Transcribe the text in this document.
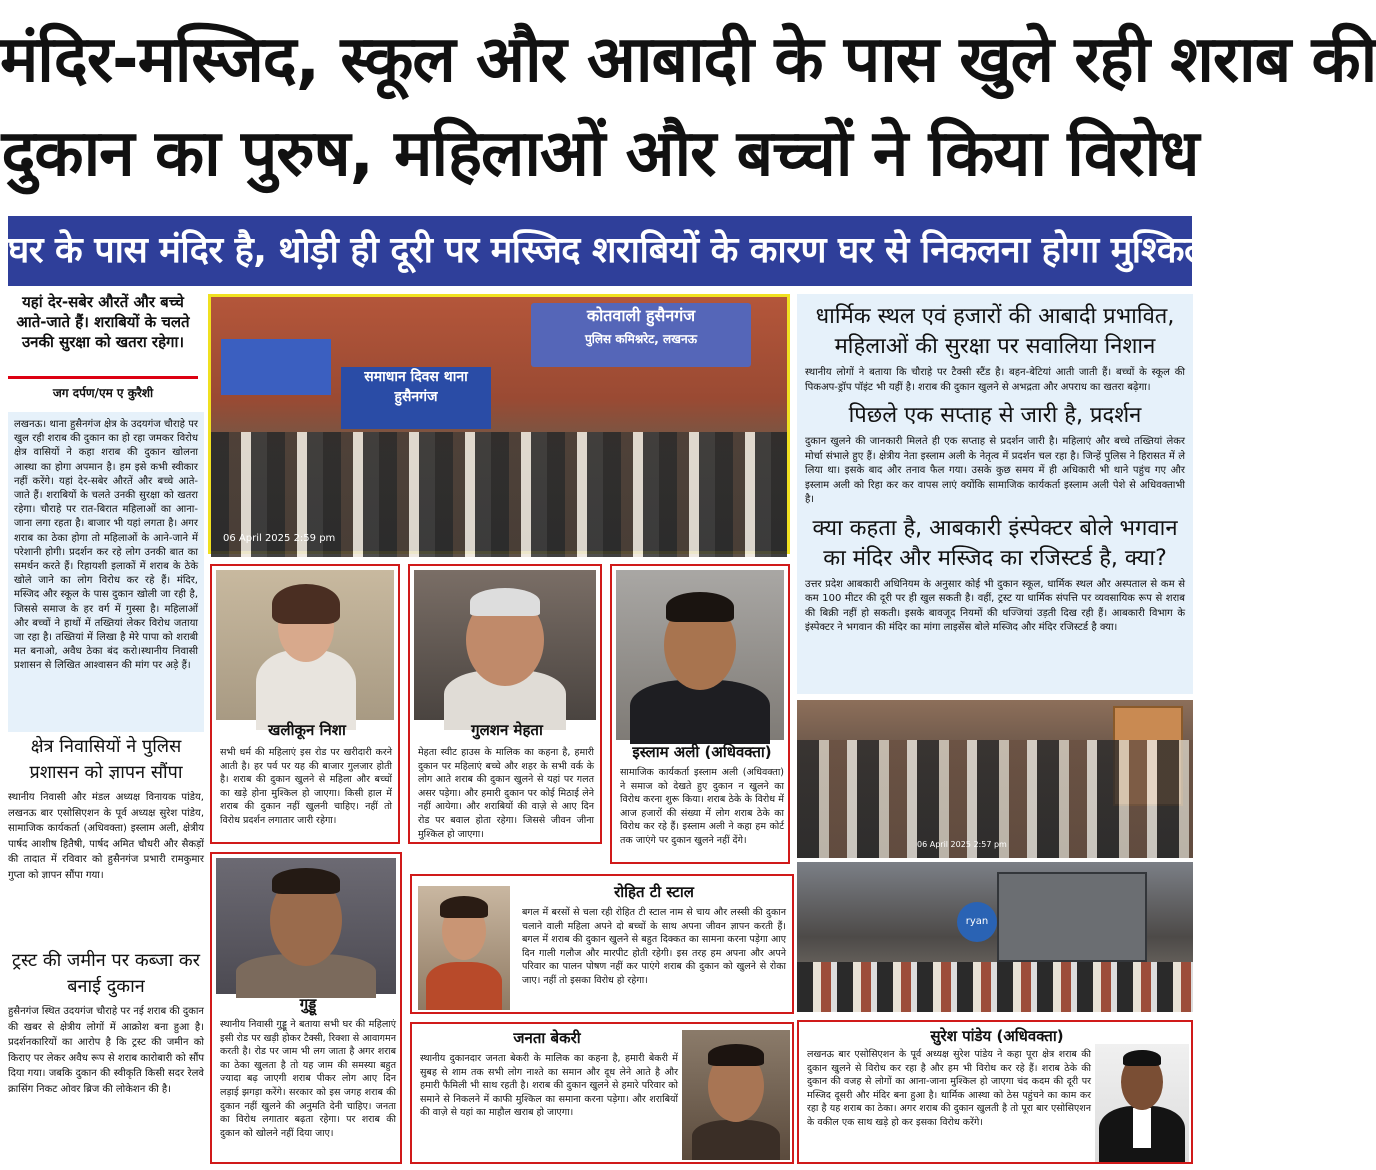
मंदिर-मस्जिद, स्कूल और आबादी के पास खुले रही शराब की
दुकान का पुरुष, महिलाओं और बच्चों ने किया विरोध
घर के पास मंदिर है, थोड़ी ही दूरी पर मस्जिद शराबियों के कारण घर से निकलना होगा मुश्किल
यहां देर-सबेर औरतें और बच्चे आते-जाते हैं। शराबियों के चलते उनकी सुरक्षा को खतरा रहेगा।
जग दर्पण/एम ए कुरैशी
लखनऊ। थाना हुसैनगंज क्षेत्र के उदयगंज चौराहे पर खुल रही शराब की दुकान का हो रहा जमकर विरोध क्षेत्र वासियों ने कहा शराब की दुकान खोलना आस्था का होगा अपमान है। हम इसे कभी स्वीकार नहीं करेंगे। यहां देर-सबेर औरतें और बच्चे आते-जाते हैं। शराबियों के चलते उनकी सुरक्षा को खतरा रहेगा। चौराहे पर रात-बिरात महिलाओं का आना-जाना लगा रहता है। बाजार भी यहां लगता है। अगर शराब का ठेका होगा तो महिलाओं के आने-जाने में परेशानी होगी। प्रदर्शन कर रहे लोग उनकी बात का समर्थन करते हैं। रिहायशी इलाकों में शराब के ठेके खोले जाने का लोग विरोध कर रहे हैं। मंदिर, मस्जिद और स्कूल के पास दुकान खोली जा रही है, जिससे समाज के हर वर्ग में गुस्सा है। महिलाओं और बच्चों ने हाथों में तख्तियां लेकर विरोध जताया जा रहा है। तख्तियां में लिखा है मेरे पापा को शराबी मत बनाओ, अवैध ठेका बंद करो।स्थानीय निवासी प्रशासन से लिखित आश्वासन की मांग पर अड़े हैं।
क्षेत्र निवासियों ने पुलिस प्रशासन को ज्ञापन सौंपा
स्थानीय निवासी और मंडल अध्यक्ष विनायक पांडेय, लखनऊ बार एसोसिएशन के पूर्व अध्यक्ष सुरेश पांडेय, सामाजिक कार्यकर्ता (अधिवक्ता) इस्लाम अली, क्षेत्रीय पार्षद आशीष हितैषी, पार्षद अमित चौधरी और सैकड़ों की तादात में रविवार को हुसैनगंज प्रभारी रामकुमार गुप्ता को ज्ञापन सौंपा गया।
ट्रस्ट की जमीन पर कब्जा कर बनाई दुकान
हुसैनगंज स्थित उदयगंज चौराहे पर नई शराब की दुकान की खबर से क्षेत्रीय लोगों में आक्रोश बना हुआ है। प्रदर्शनकारियों का आरोप है कि ट्रस्ट की जमीन को किराए पर लेकर अवैध रूप से शराब कारोबारी को सौंप दिया गया। जबकि दुकान की स्वीकृति किसी सदर रेलवे क्रासिंग निकट ओवर ब्रिज की लोकेशन की है।
कोतवाली हुसैनगंज
पुलिस कमिश्नरेट, लखनऊ
समाधान दिवस थाना हुसैनगंज
06 April 2025 2:59 pm
धार्मिक स्थल एवं हजारों की आबादी प्रभावित, महिलाओं की सुरक्षा पर सवालिया निशान

स्थानीय लोगों ने बताया कि चौराहे पर टैक्सी स्टैंड है। बहन-बेटियां आती जाती हैं। बच्चों के स्कूल की पिकअप-ड्रॉप पॉइंट भी यहीं है। शराब की दुकान खुलने से अभद्रता और अपराध का खतरा बढ़ेगा।

पिछले एक सप्ताह से जारी है, प्रदर्शन

दुकान खुलने की जानकारी मिलते ही एक सप्ताह से प्रदर्शन जारी है। महिलाएं और बच्चे तख्तियां लेकर मोर्चा संभाले हुए हैं। क्षेत्रीय नेता इस्लाम अली के नेतृत्व में प्रदर्शन चल रहा है। जिन्हें पुलिस ने हिरासत में ले लिया था। इसके बाद और तनाव फैल गया। उसके कुछ समय में ही अधिकारी भी थाने पहुंच गए और इस्लाम अली को रिहा कर कर वापस लाएं क्योंकि सामाजिक कार्यकर्ता इस्लाम अली पेशे से अधिवक्ताभी है।

क्या कहता है, आबकारी इंस्पेक्टर बोले भगवान का मंदिर और मस्जिद का रजिस्टर्ड है, क्या?

उत्तर प्रदेश आबकारी अधिनियम के अनुसार कोई भी दुकान स्कूल, धार्मिक स्थल और अस्पताल से कम से कम 100 मीटर की दूरी पर ही खुल सकती है। वहीं, ट्रस्ट या धार्मिक संपत्ति पर व्यवसायिक रूप से शराब की बिक्री नहीं हो सकती। इसके बावजूद नियमों की धज्जियां उड़ती दिख रही हैं। आबकारी विभाग के इंस्पेक्टर ने भगवान की मंदिर का मांगा लाइसेंस बोले मस्जिद और मंदिर रजिस्टर्ड है क्या।

06 April 2025 2:57 pm
ryan
खलीकून निशा
सभी धर्म की महिलाएं इस रोड पर खरीदारी करने आती है। हर पर्व पर यह की बाजार गुलजार होती है। शराब की दुकान खुलने से महिला और बच्चों का खड़े होना मुश्किल हो जाएगा। किसी हाल में शराब की दुकान नहीं खुलनी चाहिए। नहीं तो विरोध प्रदर्शन लगातार जारी रहेगा।
गुलशन मेहता
मेहता स्वीट हाउस के मालिक का कहना है, हमारी दुकान पर महिलाएं बच्चे और शहर के सभी वर्क के लोग आते शराब की दुकान खुलने से यहां पर गलत असर पड़ेगा। और हमारी दुकान पर कोई मिठाई लेने नहीं आयेगा। और शराबियों की वाज़े से आए दिन रोड पर बवाल होता रहेगा। जिससे जीवन जीना मुश्किल हो जाएगा।
इस्लाम अली (अधिवक्ता)
सामाजिक कार्यकर्ता इस्लाम अली (अधिवक्ता) ने समाज को देखते हुए दुकान न खुलने का विरोध करना शुरू किया। शराब ठेके के विरोध में आज हजारों की संख्या में लोग शराब ठेके का विरोध कर रहे हैं। इस्लाम अली ने कहा हम कोर्ट तक जाएंगे पर दुकान खुलने नहीं देंगे।
गुड्डू
स्थानीय निवासी गुड्डू ने बताया सभी घर की महिलाएं इसी रोड पर खड़ी होकर टैक्सी, रिक्शा से आवागमन करती है। रोड पर जाम भी लग जाता है अगर शराब का ठेका खुलता है तो यह जाम की समस्या बहुत ज्यादा बढ़ जाएगी शराब पीकर लोग आए दिन लड़ाई झगड़ा करेंगे। सरकार को इस जगह शराब की दुकान नहीं खुलने की अनुमति देनी चाहिए। जनता का विरोध लगातार बढ़ता रहेगा। पर शराब की दुकान को खोलने नहीं दिया जाए।
रोहित टी स्टाल
बगल में बरसों से चला रही रोहित टी स्टाल नाम से चाय और लस्सी की दुकान चलाने वाली महिला अपने दो बच्चों के साथ अपना जीवन ज्ञापन करती हैं। बगल में शराब की दुकान खुलने से बहुत दिक्कत का सामना करना पड़ेगा आए दिन गाली गलौज और मारपीट होती रहेगी। इस तरह हम अपना और अपने परिवार का पालन पोषण नहीं कर पाएंगे शराब की दुकान को खुलने से रोका जाए। नहीं तो इसका विरोध हो रहेगा।
जनता बेकरी
स्थानीय दुकानदार जनता बेकरी के मालिक का कहना है, हमारी बेकरी में सुबह से शाम तक सभी लोग नाश्ते का समान और दूध लेने आते है और हमारी फैमिली भी साथ रहती है। शराब की दुकान खुलने से हमारे परिवार को समाने से निकलने में काफी मुश्किल का समाना करना पड़ेगा। और शराबियों की वाज़े से यहां का माहौल खराब हो जाएगा।
सुरेश पांडेय (अधिवक्ता)
लखनऊ बार एसोसिएशन के पूर्व अध्यक्ष सुरेश पांडेय ने कहा पूरा क्षेत्र शराब की दुकान खुलने से विरोध कर रहा है और हम भी विरोध कर रहे हैं। शराब ठेके की दुकान की वजह से लोगों का आना-जाना मुश्किल हो जाएगा चंद कदम की दूरी पर मस्जिद दूसरी और मंदिर बना हुआ है। धार्मिक आस्था को ठेस पहुंचने का काम कर रहा है यह शराब का ठेका। अगर शराब की दुकान खुलती है तो पूरा बार एसोसिएशन के वकील एक साथ खड़े हो कर इसका विरोध करेंगे।
